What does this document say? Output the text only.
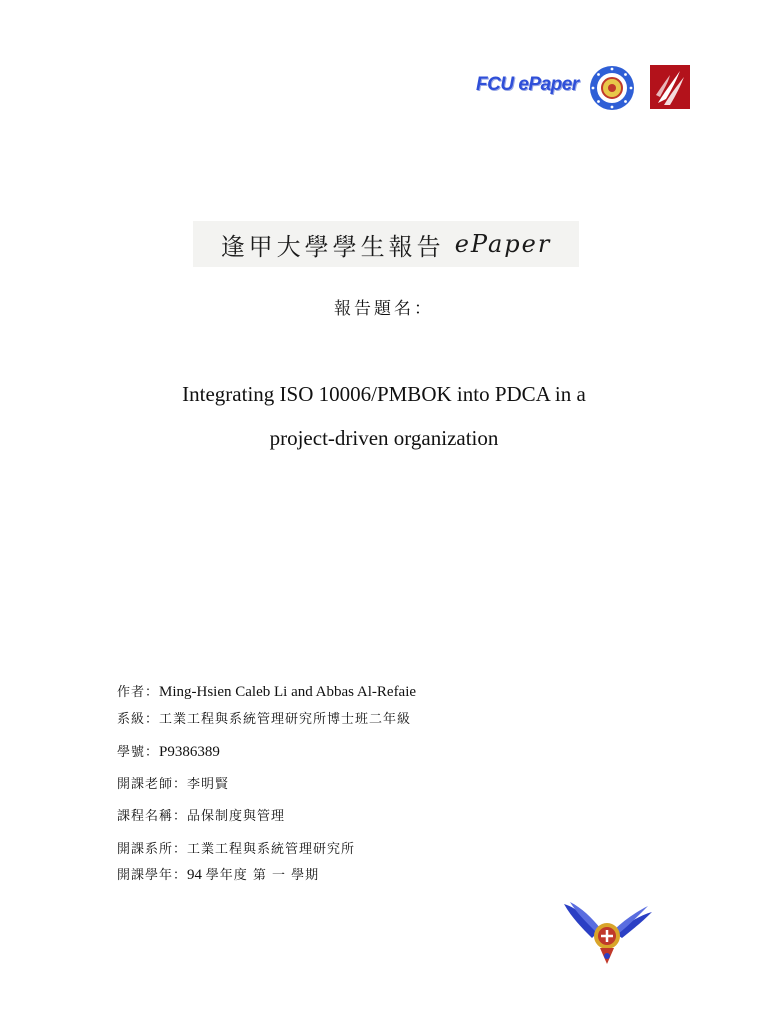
FCU ePaper
逢甲大學學生報告 ePaper
報告題名：
Integrating ISO 10006/PMBOK into PDCA in a
project-driven organization
作者：Ming-Hsien Caleb Li and Abbas Al-Refaie
系級：工業工程與系統管理研究所博士班二年級
學號：P9386389
開課老師：李明賢
課程名稱：品保制度與管理
開課系所：工業工程與系統管理研究所
開課學年：94 學年度 第 一 學期
